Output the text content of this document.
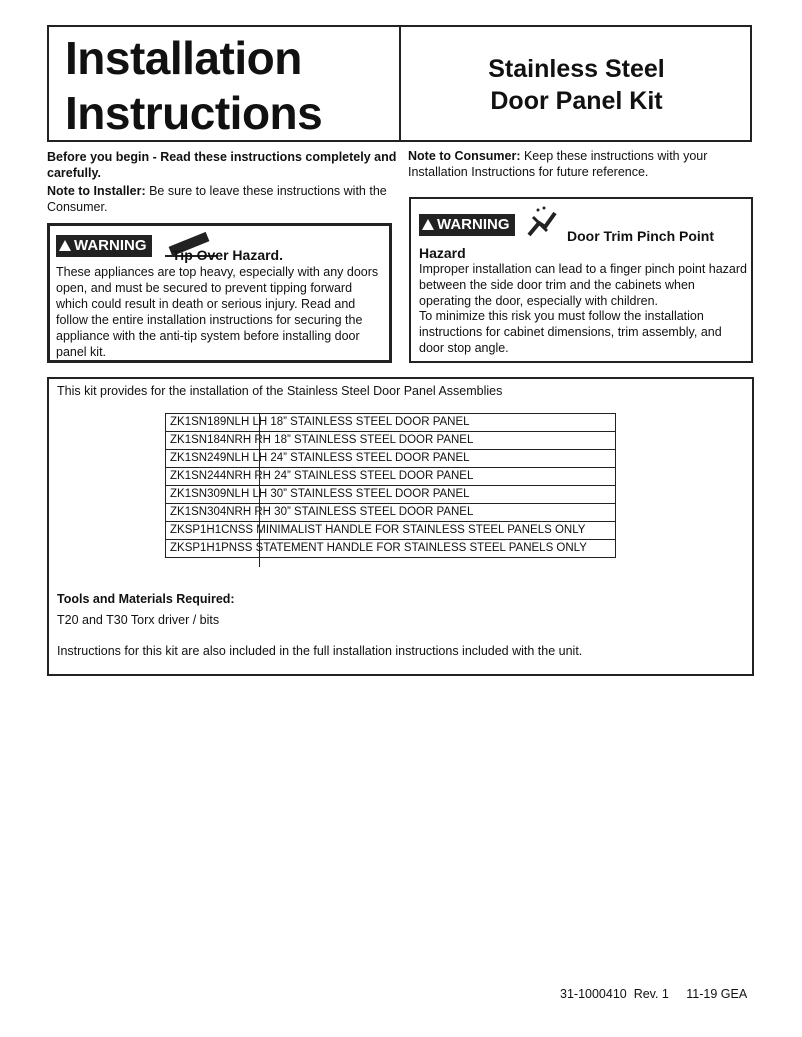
Installation
Instructions
Stainless Steel
Door Panel Kit
Before you begin - Read these instructions completely and carefully.
Note to Installer: Be sure to leave these instructions with the Consumer.
Note to Consumer: Keep these instructions with your Installation Instructions for future reference.
WARNING
Tip Over Hazard.
These appliances are top heavy, especially with any doors open, and must be secured to prevent tipping forward which could result in death or serious injury. Read and follow the entire installation instructions for securing the appliance with the anti-tip system before installing door panel kit.
WARNING
Door Trim Pinch Point
Hazard
Improper installation can lead to a finger pinch point hazard between the side door trim and the cabinets when operating the door, especially with children.
To minimize this risk you must follow the installation instructions for cabinet dimensions, trim assembly, and door stop angle.
This kit provides for the installation of the Stainless Steel Door Panel Assemblies
ZK1SN189NLH LH 18” STAINLESS STEEL DOOR PANEL
ZK1SN184NRH RH 18” STAINLESS STEEL DOOR PANEL
ZK1SN249NLH LH 24” STAINLESS STEEL DOOR PANEL
ZK1SN244NRH RH 24” STAINLESS STEEL DOOR PANEL
ZK1SN309NLH LH 30” STAINLESS STEEL DOOR PANEL
ZK1SN304NRH RH 30” STAINLESS STEEL DOOR PANEL
ZKSP1H1CNSS MINIMALIST HANDLE FOR STAINLESS STEEL PANELS ONLY
ZKSP1H1PNSS STATEMENT HANDLE FOR STAINLESS STEEL PANELS ONLY
Tools and Materials Required:
T20 and T30 Torx driver / bits
Instructions for this kit are also included in the full installation instructions included with the unit.
31-1000410 Rev. 1 11-19 GEA
